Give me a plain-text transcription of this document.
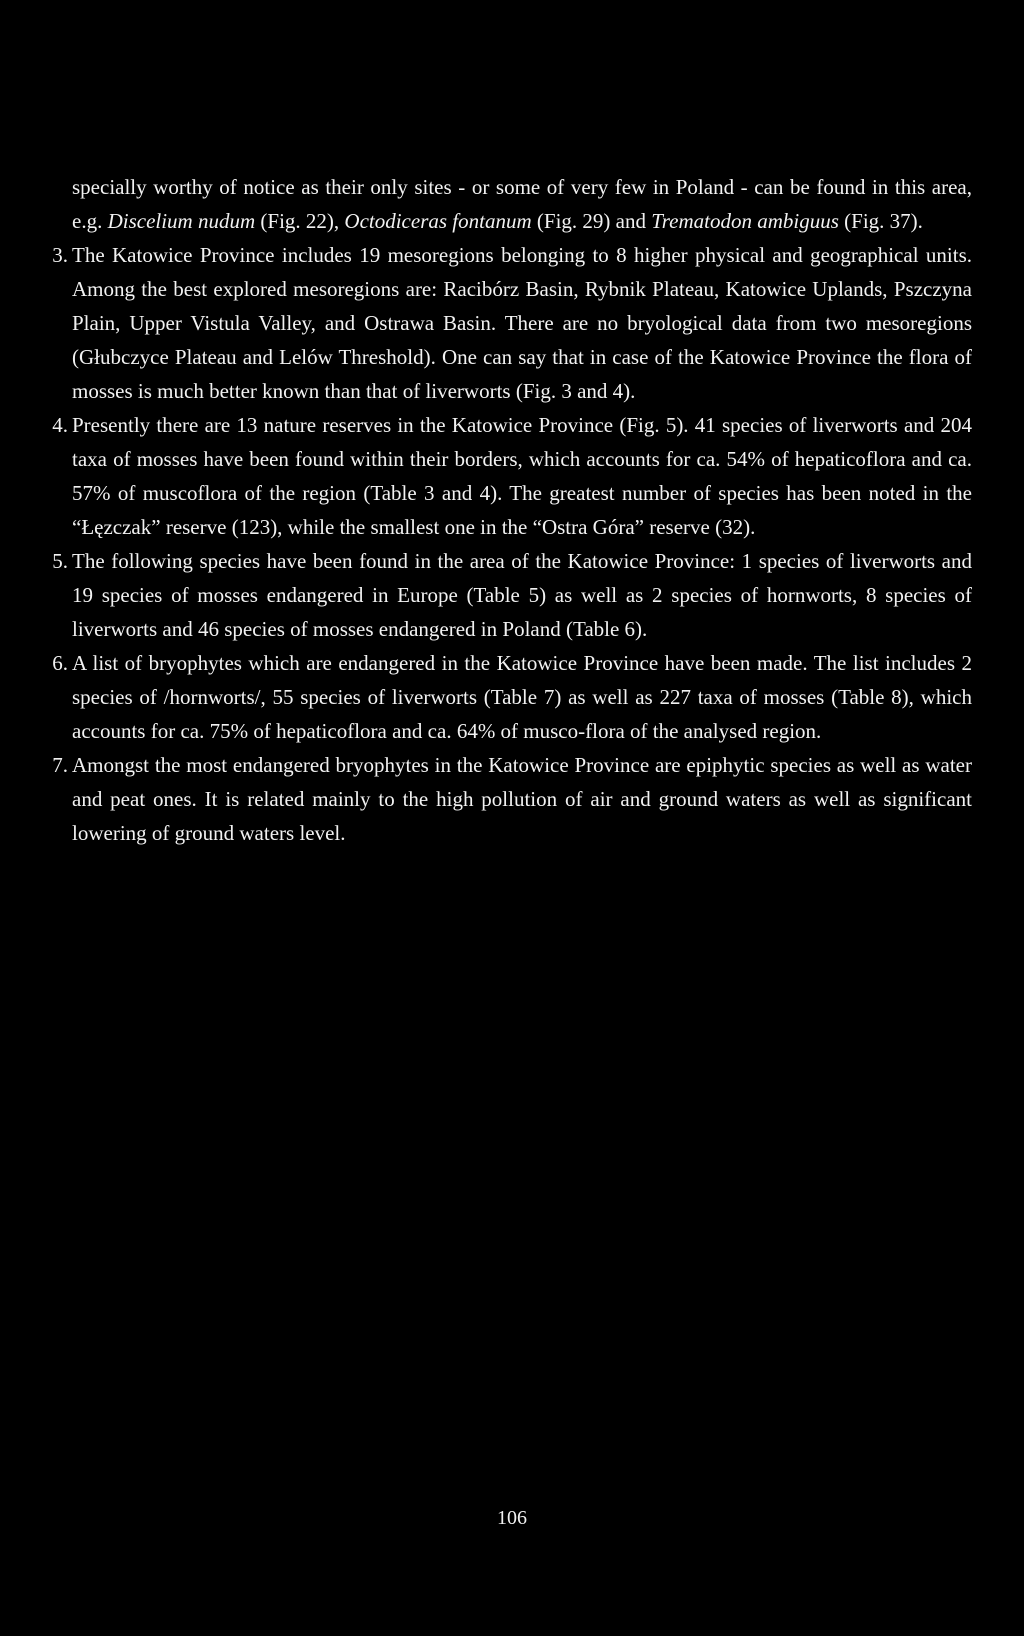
specially worthy of notice as their only sites - or some of very few in Poland - can be found in this area, e.g. Discelium nudum (Fig. 22), Octodiceras fontanum (Fig. 29) and Trematodon ambiguus (Fig. 37).

3. The Katowice Province includes 19 mesoregions belonging to 8 higher physical and geographical units. Among the best explored mesoregions are: Racibórz Basin, Rybnik Plateau, Katowice Uplands, Pszczyna Plain, Upper Vistula Valley, and Ostrawa Basin. There are no bryological data from two mesoregions (Głubczyce Plateau and Lelów Threshold). One can say that in case of the Katowice Province the flora of mosses is much better known than that of liverworts (Fig. 3 and 4).

4. Presently there are 13 nature reserves in the Katowice Province (Fig. 5). 41 species of liverworts and 204 taxa of mosses have been found within their borders, which accounts for ca. 54% of hepaticoflora and ca. 57% of muscoflora of the region (Table 3 and 4). The greatest number of species has been noted in the “Łęzczak” reserve (123), while the smallest one in the “Ostra Góra” reserve (32).

5. The following species have been found in the area of the Katowice Province: 1 species of liverworts and 19 species of mosses endangered in Europe (Table 5) as well as 2 species of hornworts, 8 species of liverworts and 46 species of mosses endangered in Poland (Table 6).

6. A list of bryophytes which are endangered in the Katowice Province have been made. The list includes 2 species of /hornworts/, 55 species of liverworts (Table 7) as well as 227 taxa of mosses (Table 8), which accounts for ca. 75% of hepaticoflora and ca. 64% of musco-flora of the analysed region.

7. Amongst the most endangered bryophytes in the Katowice Province are epiphytic species as well as water and peat ones. It is related mainly to the high pollution of air and ground waters as well as significant lowering of ground waters level.

106
